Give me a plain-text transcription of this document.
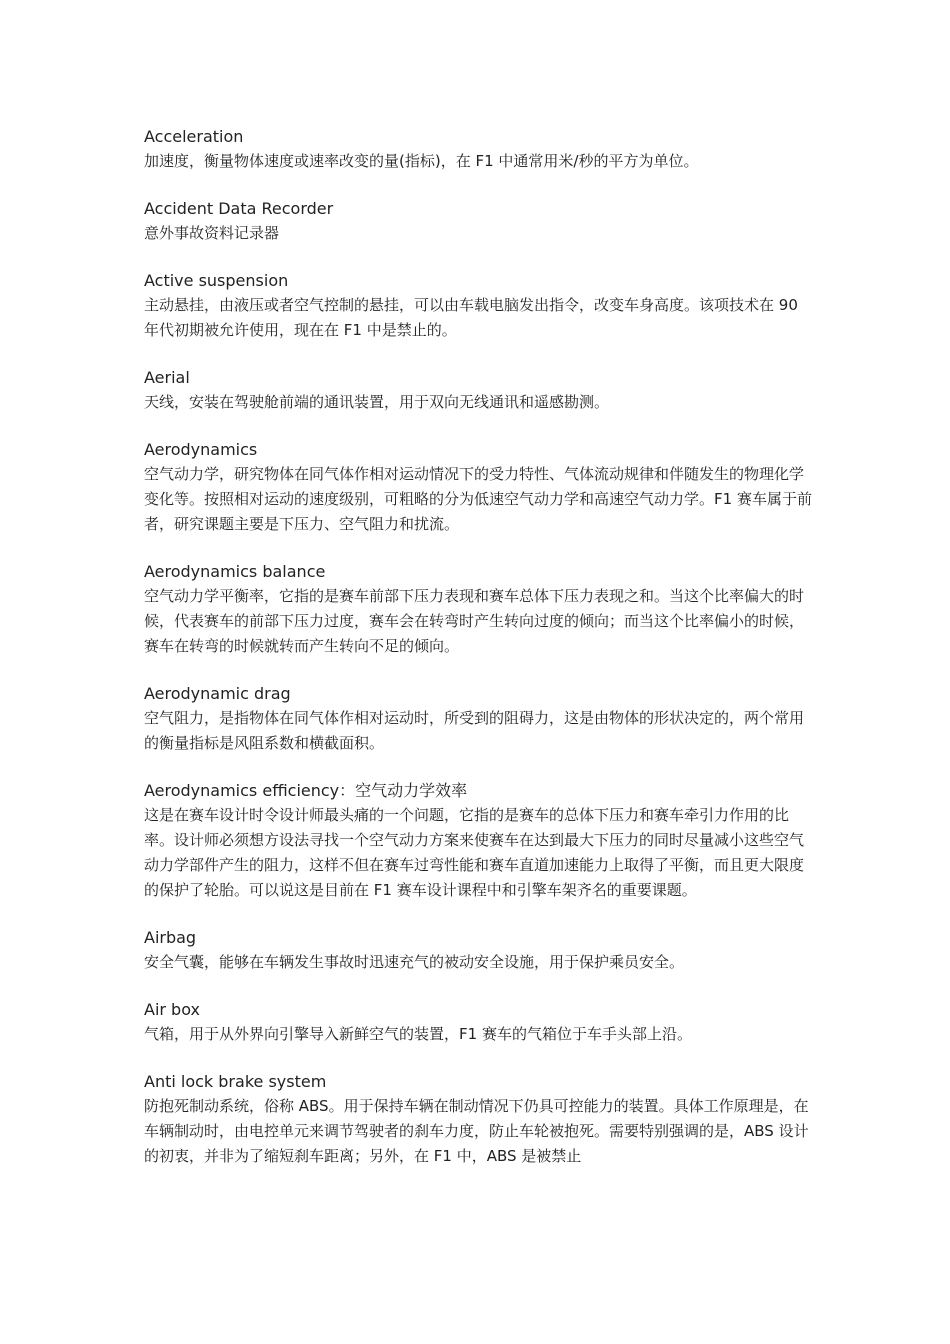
Acceleration
加速度，衡量物体速度或速率改变的量(指标)，在 F1 中通常用米/秒的平方为单位。
Accident Data Recorder
意外事故资料记录器
Active suspension
主动悬挂，由液压或者空气控制的悬挂，可以由车载电脑发出指令，改变车身高度。该项技术在 90 年代初期被允许使用，现在在 F1 中是禁止的。
Aerial
天线，安装在驾驶舱前端的通讯装置，用于双向无线通讯和遥感勘测。
Aerodynamics
空气动力学，研究物体在同气体作相对运动情况下的受力特性、气体流动规律和伴随发生的物理化学变化等。按照相对运动的速度级别，可粗略的分为低速空气动力学和高速空气动力学。F1 赛车属于前者，研究课题主要是下压力、空气阻力和扰流。
Aerodynamics balance
空气动力学平衡率，它指的是赛车前部下压力表现和赛车总体下压力表现之和。当这个比率偏大的时候，代表赛车的前部下压力过度，赛车会在转弯时产生转向过度的倾向；而当这个比率偏小的时候，赛车在转弯的时候就转而产生转向不足的倾向。
Aerodynamic drag
空气阻力，是指物体在同气体作相对运动时，所受到的阻碍力，这是由物体的形状决定的，两个常用的衡量指标是风阻系数和横截面积。
Aerodynamics efficiency：空气动力学效率
这是在赛车设计时令设计师最头痛的一个问题，它指的是赛车的总体下压力和赛车牵引力作用的比率。设计师必须想方设法寻找一个空气动力方案来使赛车在达到最大下压力的同时尽量减小这些空气动力学部件产生的阻力，这样不但在赛车过弯性能和赛车直道加速能力上取得了平衡，而且更大限度的保护了轮胎。可以说这是目前在 F1 赛车设计课程中和引擎车架齐名的重要课题。
Airbag
安全气囊，能够在车辆发生事故时迅速充气的被动安全设施，用于保护乘员安全。
Air box
气箱，用于从外界向引擎导入新鲜空气的装置，F1 赛车的气箱位于车手头部上沿。
Anti lock brake system
防抱死制动系统，俗称 ABS。用于保持车辆在制动情况下仍具可控能力的装置。具体工作原理是，在车辆制动时，由电控单元来调节驾驶者的刹车力度，防止车轮被抱死。需要特别强调的是，ABS 设计的初衷，并非为了缩短刹车距离；另外，在 F1 中，ABS 是被禁止
